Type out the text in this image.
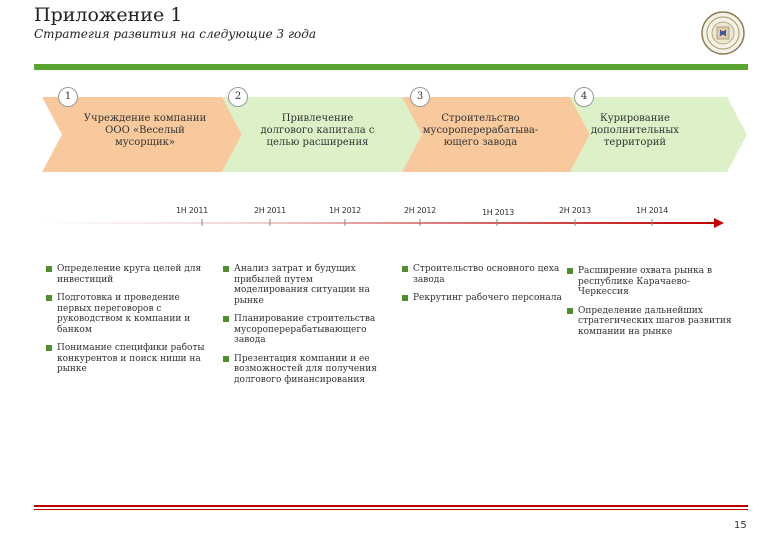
Приложение 1
Стратегия развития на следующие 3 года
1	2	3	4
Учреждение компании ООО «Веселый мусорщик»
Привлечение долгового капитала с целью расширения
Строительство мусороперерабатыва-ющего завода
Курирование дополнительных территорий
1H 2011	2H 2011	1H 2012	2H 2012	1H 2013	2H 2013	1H 2014
Определение круга целей для инвестиций
Подготовка и проведение первых переговоров с руководством к компании и банком
Понимание специфики работы конкурентов и поиск ниши на рынке
Анализ затрат и будущих прибылей путем моделирования ситуации на рынке
Планирование строительства мусороперерабатывающего завода
Презентация компании и ее возможностей для получения долгового финансирования
Строительство основного цеха завода
Рекрутинг рабочего персонала
Расширение охвата рынка в республике Карачаево-Черкессия
Определение дальнейших стратегических шагов развития компании на рынке
15
